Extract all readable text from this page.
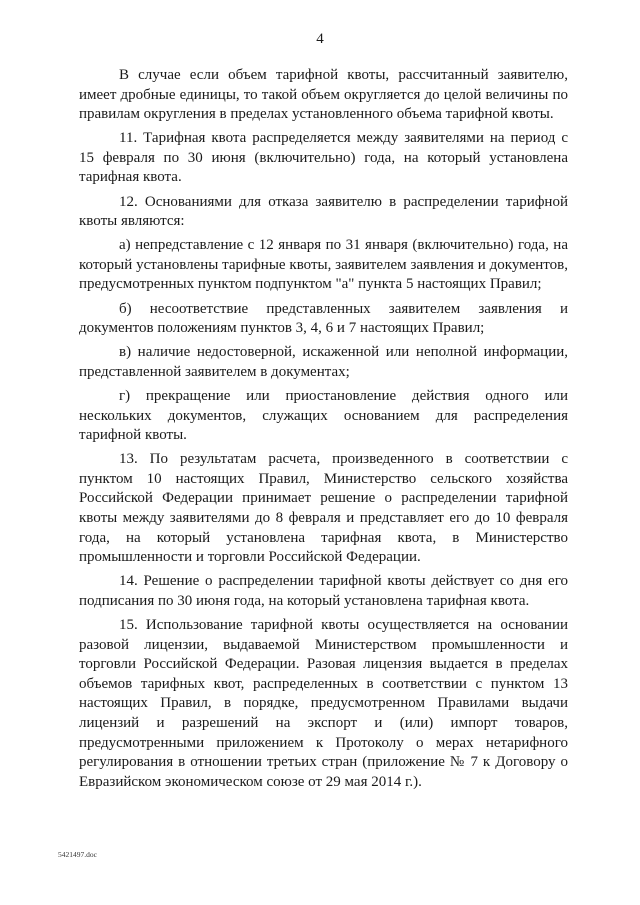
4

В случае если объем тарифной квоты, рассчитанный заявителю, имеет дробные единицы, то такой объем округляется до целой величины по правилам округления в пределах установленного объема тарифной квоты.

11. Тарифная квота распределяется между заявителями на период с 15 февраля по 30 июня (включительно) года, на который установлена тарифная квота.

12. Основаниями для отказа заявителю в распределении тарифной квоты являются:

а) непредставление с 12 января по 31 января (включительно) года, на который установлены тарифные квоты, заявителем заявления и документов, предусмотренных пунктом подпунктом "а" пункта 5 настоящих Правил;

б) несоответствие представленных заявителем заявления и документов положениям пунктов 3, 4, 6 и 7 настоящих Правил;

в) наличие недостоверной, искаженной или неполной информации, представленной заявителем в документах;

г) прекращение или приостановление действия одного или нескольких документов, служащих основанием для распределения тарифной квоты.

13. По результатам расчета, произведенного в соответствии с пунктом 10 настоящих Правил, Министерство сельского хозяйства Российской Федерации принимает решение о распределении тарифной квоты между заявителями до 8 февраля и представляет его до 10 февраля года, на который установлена тарифная квота, в Министерство промышленности и торговли Российской Федерации.

14. Решение о распределении тарифной квоты действует со дня его подписания по 30 июня года, на который установлена тарифная квота.

15. Использование тарифной квоты осуществляется на основании разовой лицензии, выдаваемой Министерством промышленности и торговли Российской Федерации. Разовая лицензия выдается в пределах объемов тарифных квот, распределенных в соответствии с пунктом 13 настоящих Правил, в порядке, предусмотренном Правилами выдачи лицензий и разрешений на экспорт и (или) импорт товаров, предусмотренными приложением к Протоколу о мерах нетарифного регулирования в отношении третьих стран (приложение № 7 к Договору о Евразийском экономическом союзе от 29 мая 2014 г.).

5421497.doc
